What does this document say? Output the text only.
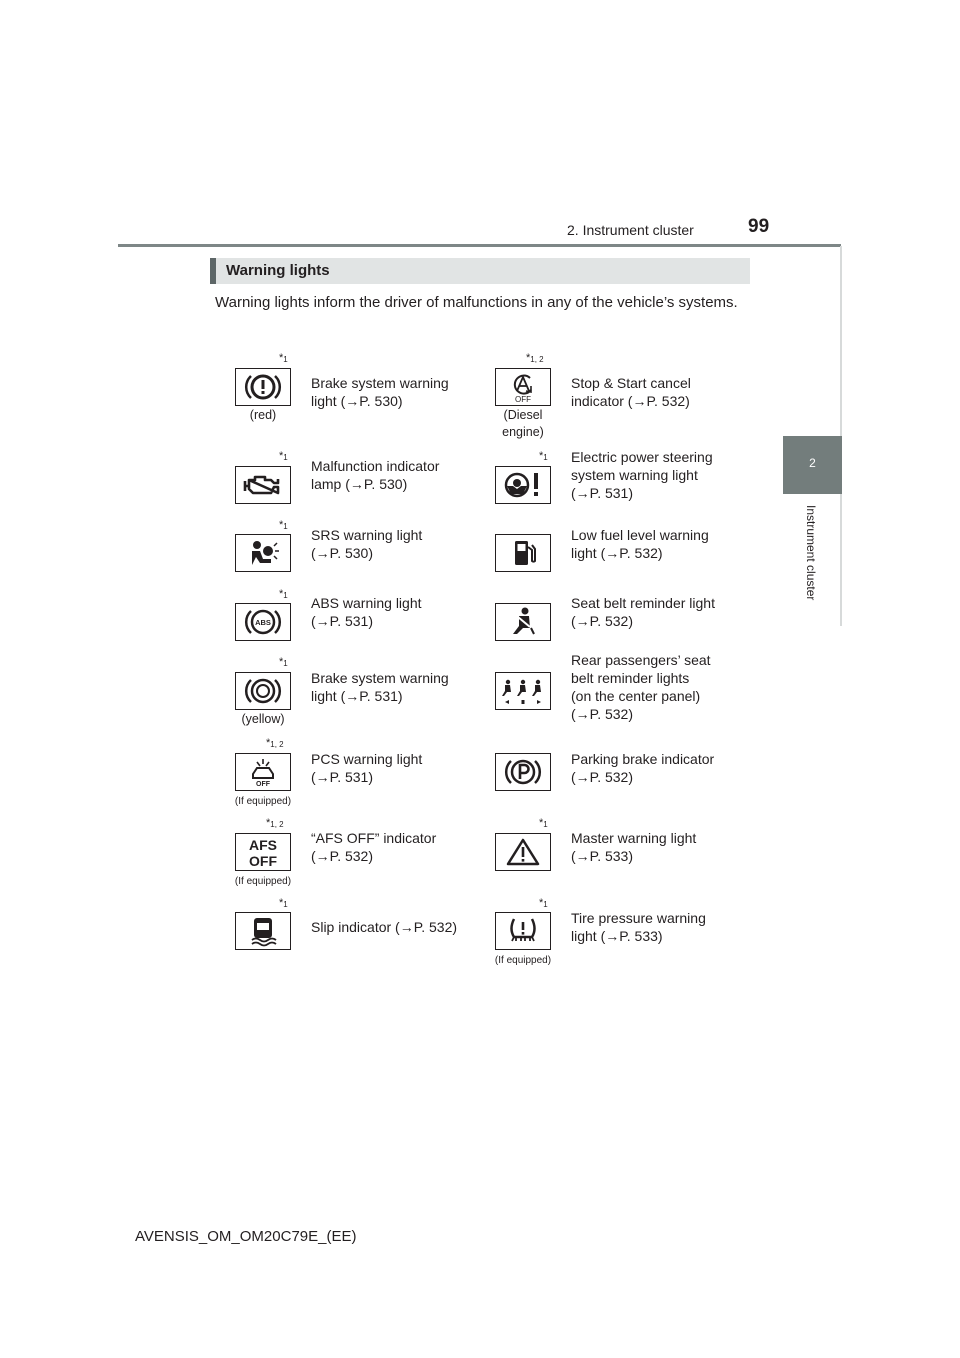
2. Instrument cluster	99
2
Instrument cluster
Warning lights
Warning lights inform the driver of malfunctions in any of the vehicle’s systems.
$*_1$
(red)
Brake system warning
light (→P. 530)
$*_1$
Malfunction indicator
lamp (→P. 530)
$*_1$
SRS warning light
(→P. 530)
$*_1$
ABS
ABS warning light
(→P. 531)
$*_1$
(yellow)
Brake system warning
light (→P. 531)
$*_{1, 2}$
OFF
(If equipped)
PCS warning light
(→P. 531)
$*_{1, 2}$
AFS
OFF
(If equipped)
“AFS OFF” indicator
(→P. 532)
$*_1$
Slip indicator (→P. 532)
$*_{1, 2}$
OFF
(Diesel
engine)
Stop & Start cancel
indicator (→P. 532)
$*_1$ Electric power steering
system warning light
(→P. 531)
Low fuel level warning
light (→P. 532)
Seat belt reminder light
(→P. 532)
Rear passengers’ seat
belt reminder lights
(on the center panel)
(→P. 532)
Parking brake indicator
(→P. 532)
$*_1$
Master warning light
(→P. 533)
$*_1$
(If equipped)
Tire pressure warning
light (→P. 533)
AVENSIS_OM_OM20C79E_(EE)
